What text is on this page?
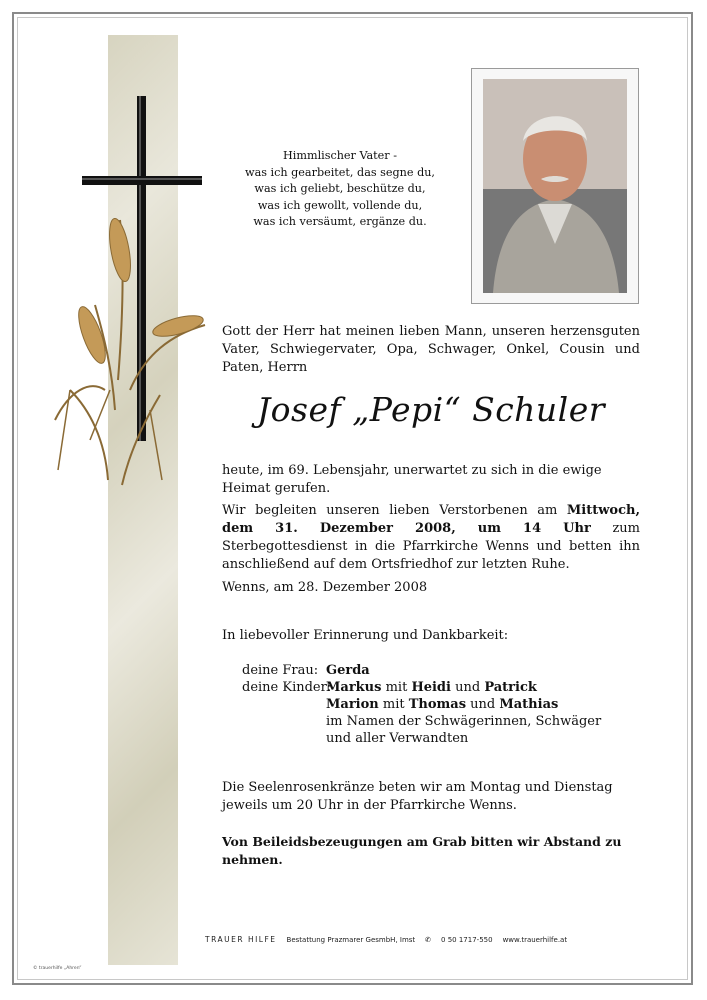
Himmlischer Vater -
was ich gearbeitet, das segne du,
was ich geliebt, beschütze du,
was ich gewollt, vollende du,
was ich versäumt, ergänze du.
Gott der Herr hat meinen lieben Mann, unseren herzensguten Vater, Schwiegervater, Opa, Schwager, Onkel, Cousin und Paten, Herrn
Josef „Pepi“ Schuler
heute, im 69. Lebensjahr, unerwartet zu sich in die ewige Heimat gerufen.
Wir begleiten unseren lieben Verstorbenen am Mittwoch, dem 31. Dezember 2008, um 14 Uhr zum Sterbegottesdienst in die Pfarrkirche Wenns und betten ihn anschließend auf dem Ortsfriedhof zur letzten Ruhe.
Wenns, am 28. Dezember 2008
In liebevoller Erinnerung und Dankbarkeit:
deine Frau: Gerda
deine Kinder:
Markus mit Heidi und Patrick
Marion mit Thomas und Mathias
im Namen der Schwägerinnen, Schwäger
und aller Verwandten
Die Seelenrosenkränze beten wir am Montag und Dienstag jeweils um 20 Uhr in der Pfarrkirche Wenns.
Von Beileidsbezeugungen am Grab bitten wir Abstand zu nehmen.
TRAUER HILFE Bestattung Prazmarer GesmbH, Imst ✆ 0 50 1717-550 www.trauerhilfe.at
© trauerhilfe „Ahren“
